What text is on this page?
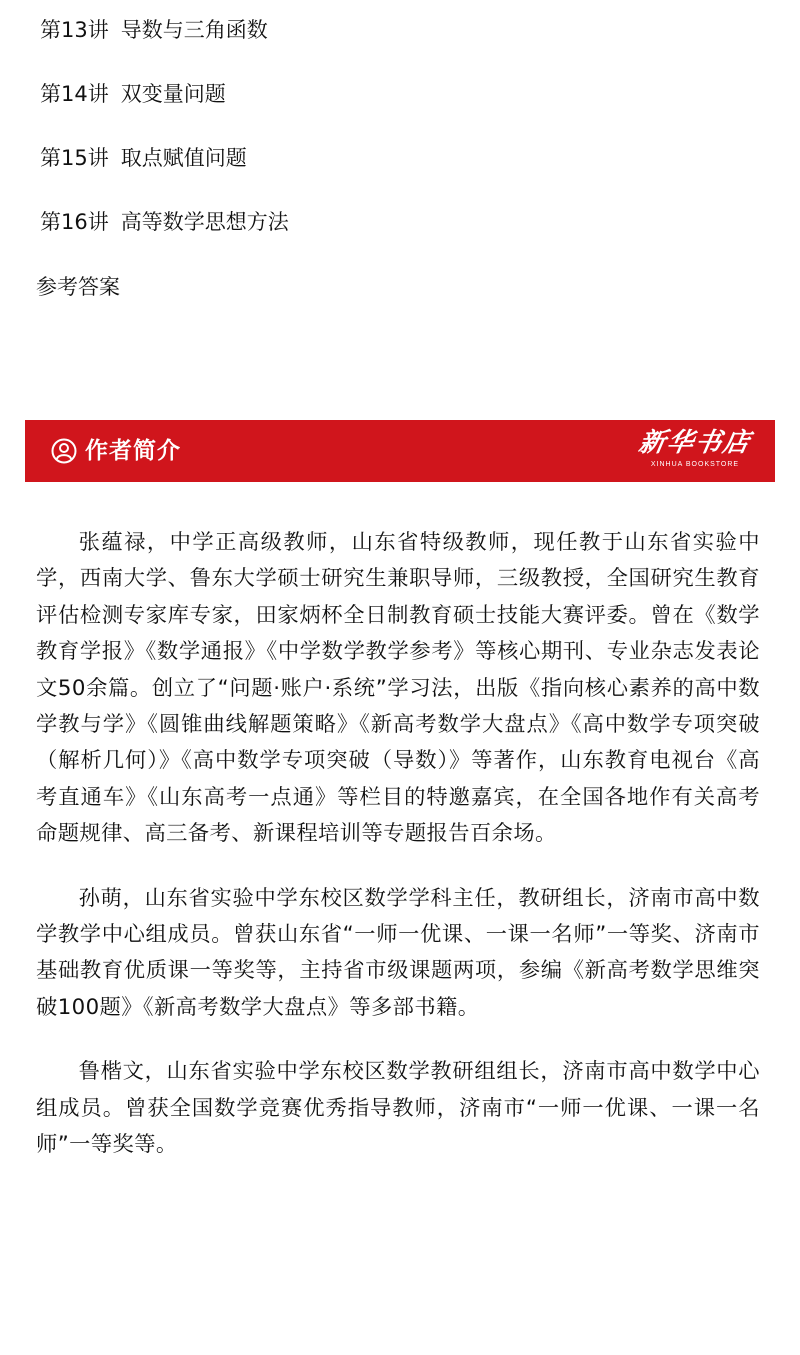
第13讲 导数与三角函数
第14讲 双变量问题
第15讲 取点赋值问题
第16讲 高等数学思想方法
参考答案
作者简介	新华书店
XINHUA BOOKSTORE

张蕴禄，中学正高级教师，山东省特级教师，现任教于山东省实验中学，西南大学、鲁东大学硕士研究生兼职导师，三级教授，全国研究生教育评估检测专家库专家，田家炳杯全日制教育硕士技能大赛评委。曾在《数学教育学报》《数学通报》《中学数学教学参考》等核心期刊、专业杂志发表论文50余篇。创立了“问题·账户·系统”学习法，出版《指向核心素养的高中数学教与学》《圆锥曲线解题策略》《新高考数学大盘点》《高中数学专项突破（解析几何）》《高中数学专项突破（导数）》等著作，山东教育电视台《高考直通车》《山东高考一点通》等栏目的特邀嘉宾，在全国各地作有关高考命题规律、高三备考、新课程培训等专题报告百余场。

孙萌，山东省实验中学东校区数学学科主任，教研组长，济南市高中数学教学中心组成员。曾获山东省“一师一优课、一课一名师”一等奖、济南市基础教育优质课一等奖等，主持省市级课题两项，参编《新高考数学思维突破100题》《新高考数学大盘点》等多部书籍。

鲁楷文，山东省实验中学东校区数学教研组组长，济南市高中数学中心组成员。曾获全国数学竞赛优秀指导教师，济南市“一师一优课、一课一名师”一等奖等。
